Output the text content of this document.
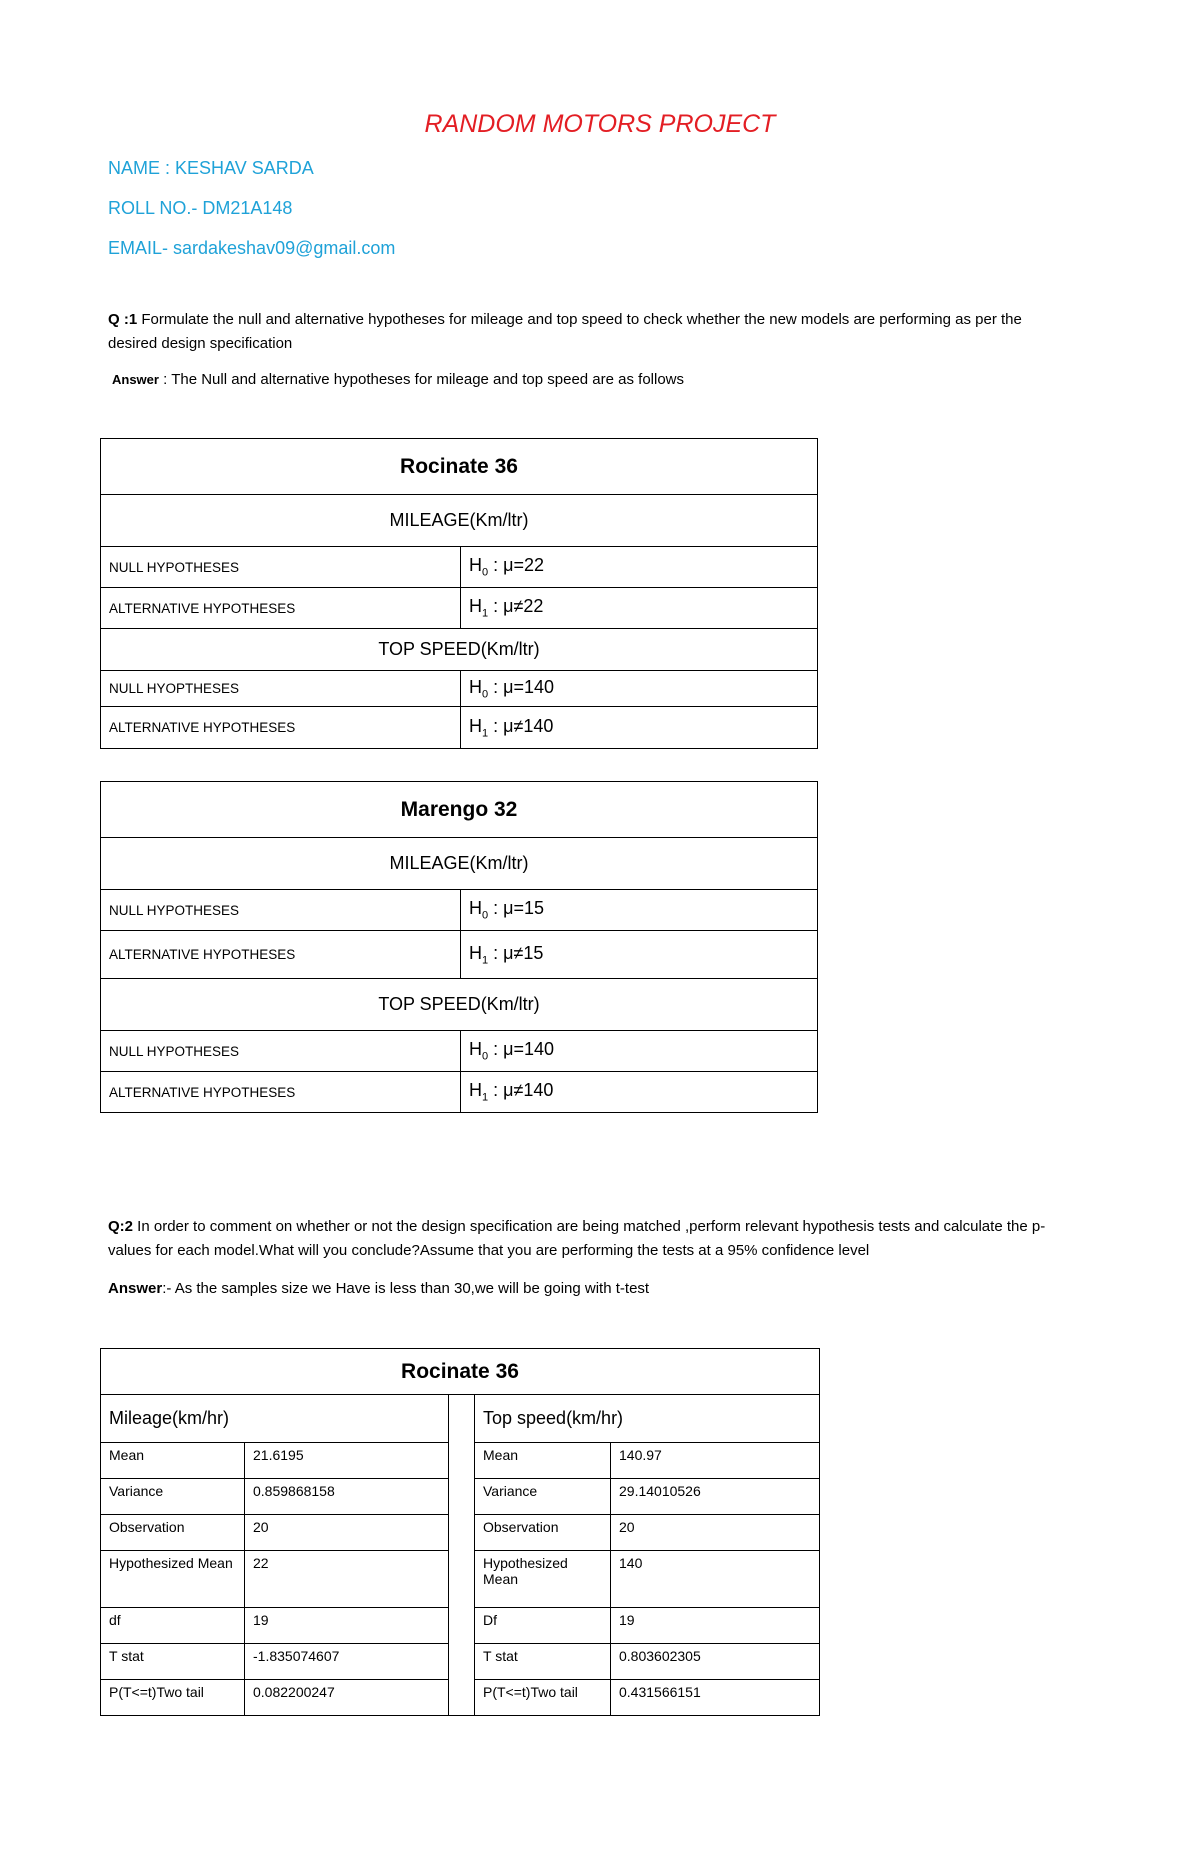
RANDOM MOTORS PROJECT
NAME : KESHAV SARDA
ROLL NO.- DM21A148
EMAIL- sardakeshav09@gmail.com
Q :1 Formulate the null and alternative hypotheses for mileage and top speed to check whether the new models are performing as per the desired design specification
Answer : The Null and alternative hypotheses for mileage and top speed are as follows
Rocinate 36	
MILEAGE(Km/ltr)	
NULL HYPOTHESES	$H_0$ : μ=22
ALTERNATIVE HYPOTHESES	$H_1$ : μ≠22
TOP SPEED(Km/ltr)	
NULL HYOPTHESES	$H_0$ : μ=140
ALTERNATIVE HYPOTHESES	$H_1$ : μ≠140
Marengo 32	
MILEAGE(Km/ltr)	
NULL HYPOTHESES	$H_0$ : μ=15
ALTERNATIVE HYPOTHESES	$H_1$ : μ≠15
TOP SPEED(Km/ltr)	
NULL HYPOTHESES	$H_0$ : μ=140
ALTERNATIVE HYPOTHESES	$H_1$ : μ≠140
Q:2 In order to comment on whether or not the design specification are being matched ,perform relevant hypothesis tests and calculate the p-values for each model.What will you conclude?Assume that you are performing the tests at a 95% confidence level
Answer:- As the samples size we Have is less than 30,we will be going with t-test
Rocinate 36				
Mileage(km/hr)			Top speed(km/hr)	
Mean	21.6195		Mean	140.97
Variance	0.859868158		Variance	29.14010526
Observation	20		Observation	20
Hypothesized Mean	22		Hypothesized Mean	140
df	19		Df	19
T stat	-1.835074607		T stat	0.803602305
P(T<=t)Two tail	0.082200247		P(T<=t)Two tail	0.431566151
